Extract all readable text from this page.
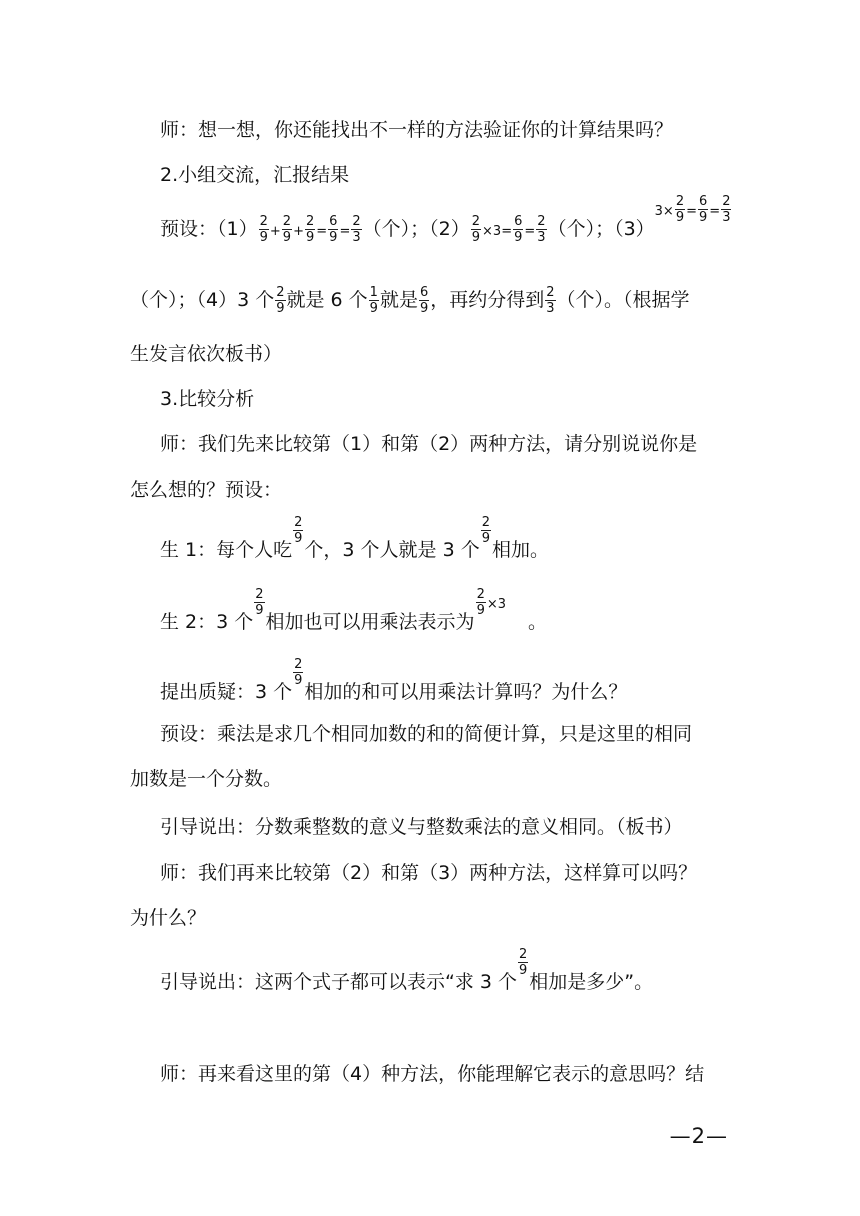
师：想一想，你还能找出不一样的方法验证你的计算结果吗？
2.小组交流，汇报结果
预设：$(1) \frac{2}{9} + \frac{2}{9} + \frac{2}{9} = \frac{6}{9} = \frac{2}{3}$ （个）；$(2) \frac{2}{9} \times 3= \frac{6}{9} = \frac{2}{3}$ （个）；$(3)^{3\times} \frac{2}{9} ^= \frac{6}{9} ^= \frac{2}{3}$
（个）；（4）3 个 $\frac{2}{9}$ 就是 6 个 $\frac{1}{9}$ 就是 $\frac{6}{9}$ ，再约分得到 $\frac{2}{3}$ （个）。（根据学
生发言依次板书）
3.比较分析
师：我们先来比较第（1）和第（2）两种方法，请分别说说你是
怎么想的？预设：
生 1：每个人吃
$\frac{2}{9}$
个，3 个人就是 3 个
$\frac{2}{9}$
相加。
生 2：3 个
$\frac{2}{9}$
相加也可以用乘法表示为
$\frac{2}{9} ^{\times 3}$。
提出质疑：3 个
$\frac{2}{9}$
相加的和可以用乘法计算吗？为什么？
预设：乘法是求几个相同加数的和的简便计算，只是这里的相同
加数是一个分数。
引导说出：分数乘整数的意义与整数乘法的意义相同。（板书）
师：我们再来比较第（2）和第（3）两种方法，这样算可以吗？
为什么？
引导说出：这两个式子都可以表示“求 3 个
$\frac{2}{9}$
相加是多少”。
师：再来看这里的第（4）种方法，你能理解它表示的意思吗？结
—2—
